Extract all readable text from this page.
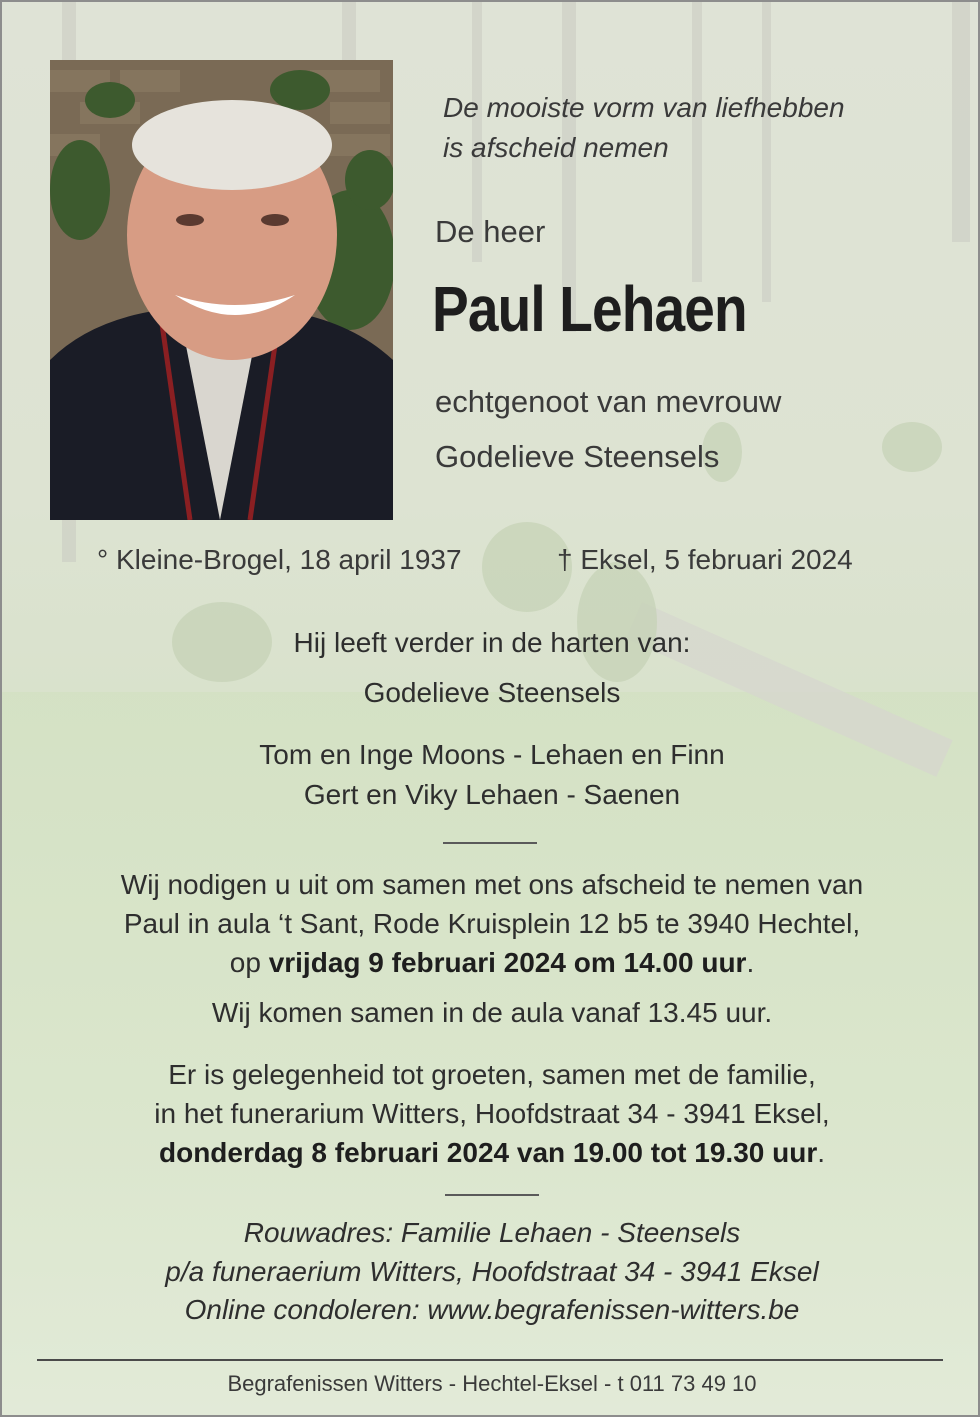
De mooiste vorm van liefhebben
is afscheid nemen
De heer
Paul Lehaen
echtgenoot van mevrouw
Godelieve Steensels
° Kleine-Brogel, 18 april 1937	† Eksel, 5 februari 2024
Hij leeft verder in de harten van:
Godelieve Steensels
Tom en Inge Moons - Lehaen en Finn
Gert en Viky Lehaen - Saenen
Wij nodigen u uit om samen met ons afscheid te nemen van
Paul in aula ‘t Sant, Rode Kruisplein 12 b5 te 3940 Hechtel,
op vrijdag 9 februari 2024 om 14.00 uur.
Wij komen samen in de aula vanaf 13.45 uur.
Er is gelegenheid tot groeten, samen met de familie,
in het funerarium Witters, Hoofdstraat 34 - 3941 Eksel,
donderdag 8 februari 2024 van 19.00 tot 19.30 uur.
Rouwadres: Familie Lehaen - Steensels
p/a funeraerium Witters, Hoofdstraat 34 - 3941 Eksel
Online condoleren: www.begrafenissen-witters.be
Begrafenissen Witters - Hechtel-Eksel - t 011 73 49 10
